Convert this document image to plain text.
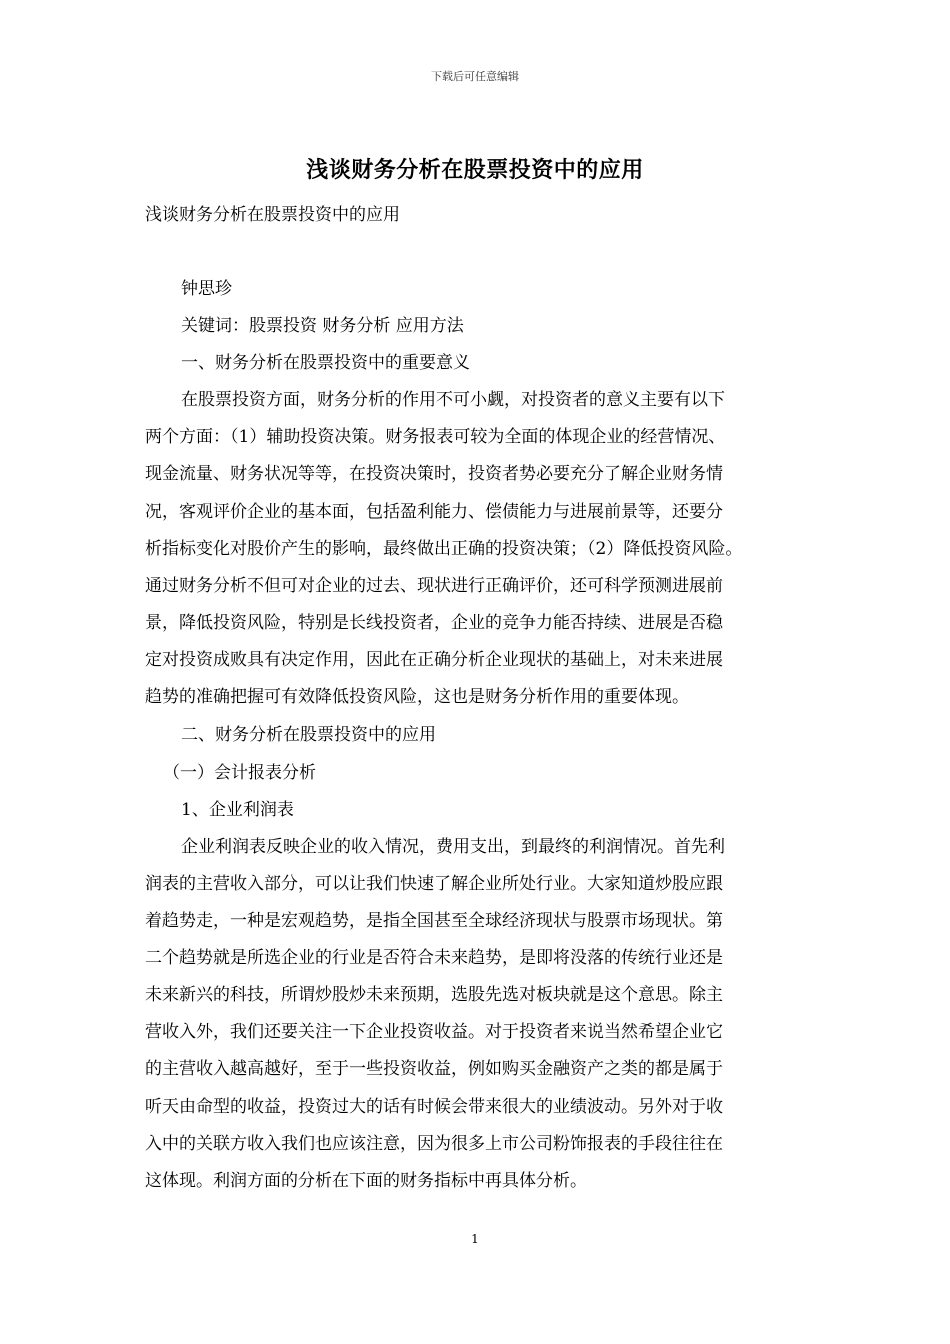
下载后可任意编辑
浅谈财务分析在股票投资中的应用
浅谈财务分析在股票投资中的应用
钟思珍
关键词：股票投资 财务分析 应用方法
一、财务分析在股票投资中的重要意义
在股票投资方面，财务分析的作用不可小觑，对投资者的意义主要有以下
两个方面：（1）辅助投资决策。财务报表可较为全面的体现企业的经营情况、
现金流量、财务状况等等，在投资决策时，投资者势必要充分了解企业财务情
况，客观评价企业的基本面，包括盈利能力、偿债能力与进展前景等，还要分
析指标变化对股价产生的影响，最终做出正确的投资决策；（2）降低投资风险。
通过财务分析不但可对企业的过去、现状进行正确评价，还可科学预测进展前
景，降低投资风险，特别是长线投资者，企业的竞争力能否持续、进展是否稳
定对投资成败具有决定作用，因此在正确分析企业现状的基础上，对未来进展
趋势的准确把握可有效降低投资风险，这也是财务分析作用的重要体现。
二、财务分析在股票投资中的应用
（一）会计报表分析
1、企业利润表
企业利润表反映企业的收入情况，费用支出，到最终的利润情况。首先利
润表的主营收入部分，可以让我们快速了解企业所处行业。大家知道炒股应跟
着趋势走，一种是宏观趋势，是指全国甚至全球经济现状与股票市场现状。第
二个趋势就是所选企业的行业是否符合未来趋势，是即将没落的传统行业还是
未来新兴的科技，所谓炒股炒未来预期，选股先选对板块就是这个意思。除主
营收入外，我们还要关注一下企业投资收益。对于投资者来说当然希望企业它
的主营收入越高越好，至于一些投资收益，例如购买金融资产之类的都是属于
听天由命型的收益，投资过大的话有时候会带来很大的业绩波动。另外对于收
入中的关联方收入我们也应该注意，因为很多上市公司粉饰报表的手段往往在
这体现。利润方面的分析在下面的财务指标中再具体分析。
1
